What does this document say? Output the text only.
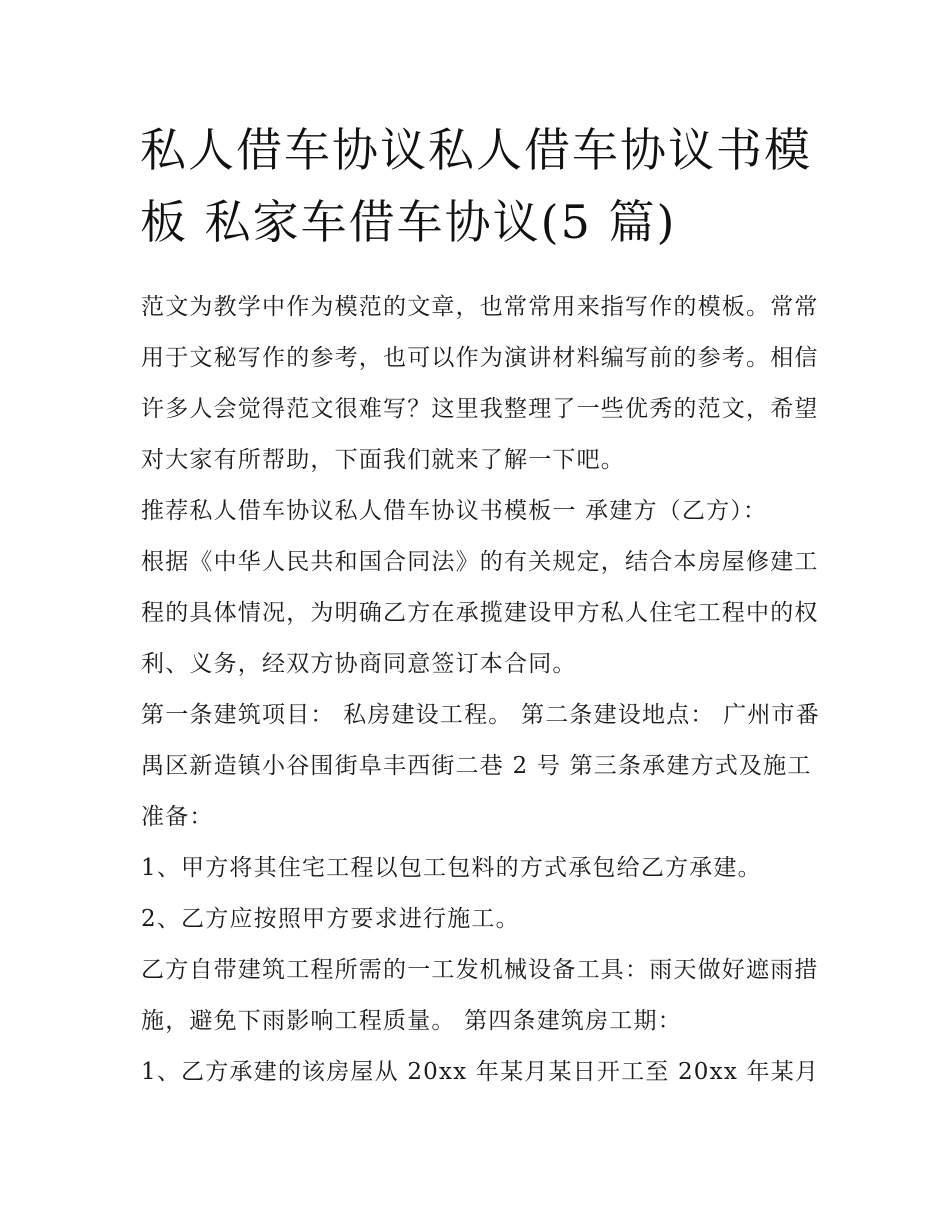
私人借车协议私人借车协议书模板 私家车借车协议(5 篇)

范文为教学中作为模范的文章，也常常用来指写作的模板。常常用于文秘写作的参考，也可以作为演讲材料编写前的参考。相信许多人会觉得范文很难写？这里我整理了一些优秀的范文，希望对大家有所帮助，下面我们就来了解一下吧。

推荐私人借车协议私人借车协议书模板一 承建方（乙方）：

根据《中华人民共和国合同法》的有关规定，结合本房屋修建工程的具体情况，为明确乙方在承揽建设甲方私人住宅工程中的权利、义务，经双方协商同意签订本合同。

第一条建筑项目： 私房建设工程。 第二条建设地点： 广州市番禺区新造镇小谷围街阜丰西街二巷 2 号 第三条承建方式及施工准备：

1、甲方将其住宅工程以包工包料的方式承包给乙方承建。

2、乙方应按照甲方要求进行施工。

乙方自带建筑工程所需的一工发机械设备工具：雨天做好遮雨措施，避免下雨影响工程质量。 第四条建筑房工期：

1、乙方承建的该房屋从 20xx 年某月某日开工至 20xx 年某月
